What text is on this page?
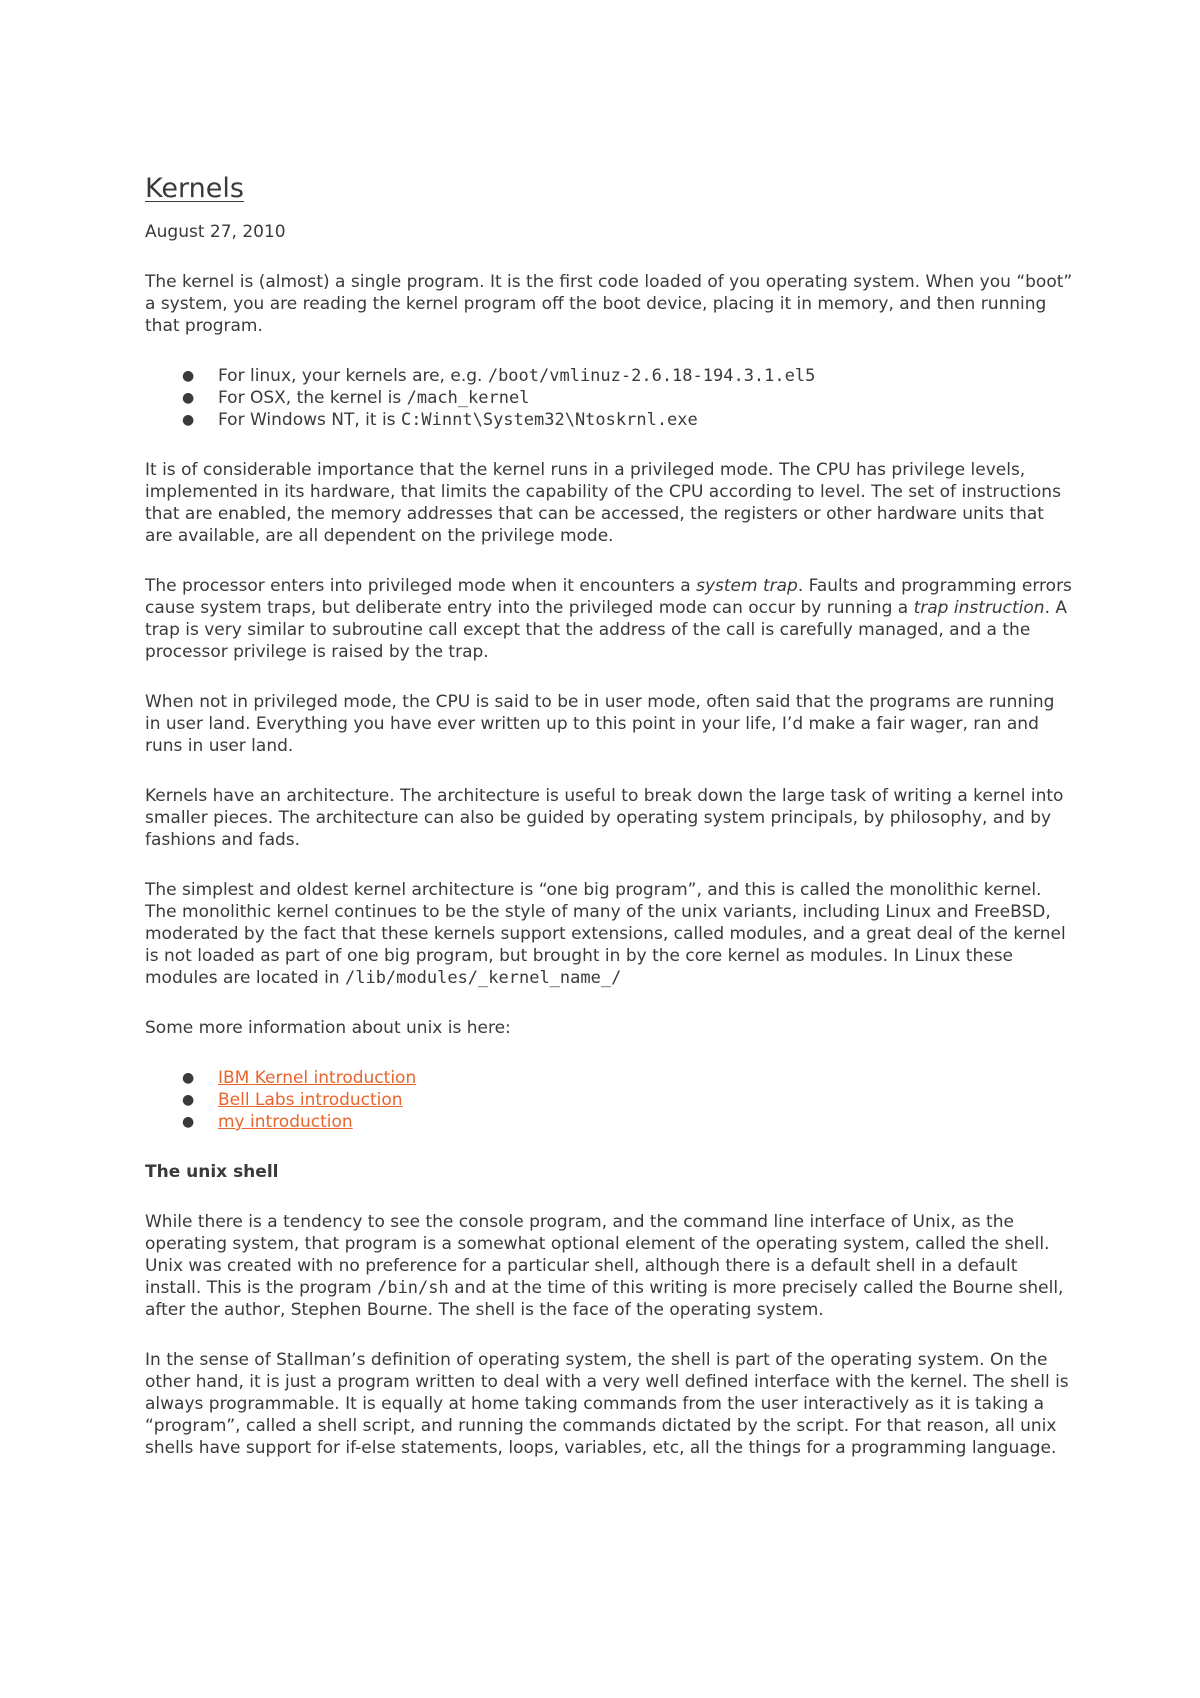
Kernels

August 27, 2010

The kernel is (almost) a single program. It is the first code loaded of you operating system. When you “boot” a system, you are reading the kernel program off the boot device, placing it in memory, and then running that program.

● For linux, your kernels are, e.g. /boot/vmlinuz-2.6.18-194.3.1.el5
● For OSX, the kernel is /mach_kernel
● For Windows NT, it is C:Winnt\System32\Ntoskrnl.exe

It is of considerable importance that the kernel runs in a privileged mode. The CPU has privilege levels, implemented in its hardware, that limits the capability of the CPU according to level. The set of instructions that are enabled, the memory addresses that can be accessed, the registers or other hardware units that are available, are all dependent on the privilege mode.

The processor enters into privileged mode when it encounters a system trap. Faults and programming errors cause system traps, but deliberate entry into the privileged mode can occur by running a trap instruction. A trap is very similar to subroutine call except that the address of the call is carefully managed, and a the processor privilege is raised by the trap.

When not in privileged mode, the CPU is said to be in user mode, often said that the programs are running in user land. Everything you have ever written up to this point in your life, I’d make a fair wager, ran and runs in user land.

Kernels have an architecture. The architecture is useful to break down the large task of writing a kernel into smaller pieces. The architecture can also be guided by operating system principals, by philosophy, and by fashions and fads.

The simplest and oldest kernel architecture is “one big program”, and this is called the monolithic kernel. The monolithic kernel continues to be the style of many of the unix variants, including Linux and FreeBSD, moderated by the fact that these kernels support extensions, called modules, and a great deal of the kernel is not loaded as part of one big program, but brought in by the core kernel as modules. In Linux these modules are located in /lib/modules/_kernel_name_/

Some more information about unix is here:

● IBM Kernel introduction
● Bell Labs introduction
● my introduction
The unix shell

While there is a tendency to see the console program, and the command line interface of Unix, as the operating system, that program is a somewhat optional element of the operating system, called the shell. Unix was created with no preference for a particular shell, although there is a default shell in a default install. This is the program /bin/sh and at the time of this writing is more precisely called the Bourne shell, after the author, Stephen Bourne. The shell is the face of the operating system.

In the sense of Stallman’s definition of operating system, the shell is part of the operating system. On the other hand, it is just a program written to deal with a very well defined interface with the kernel. The shell is always programmable. It is equally at home taking commands from the user interactively as it is taking a “program”, called a shell script, and running the commands dictated by the script. For that reason, all unix shells have support for if-else statements, loops, variables, etc, all the things for a programming language.
